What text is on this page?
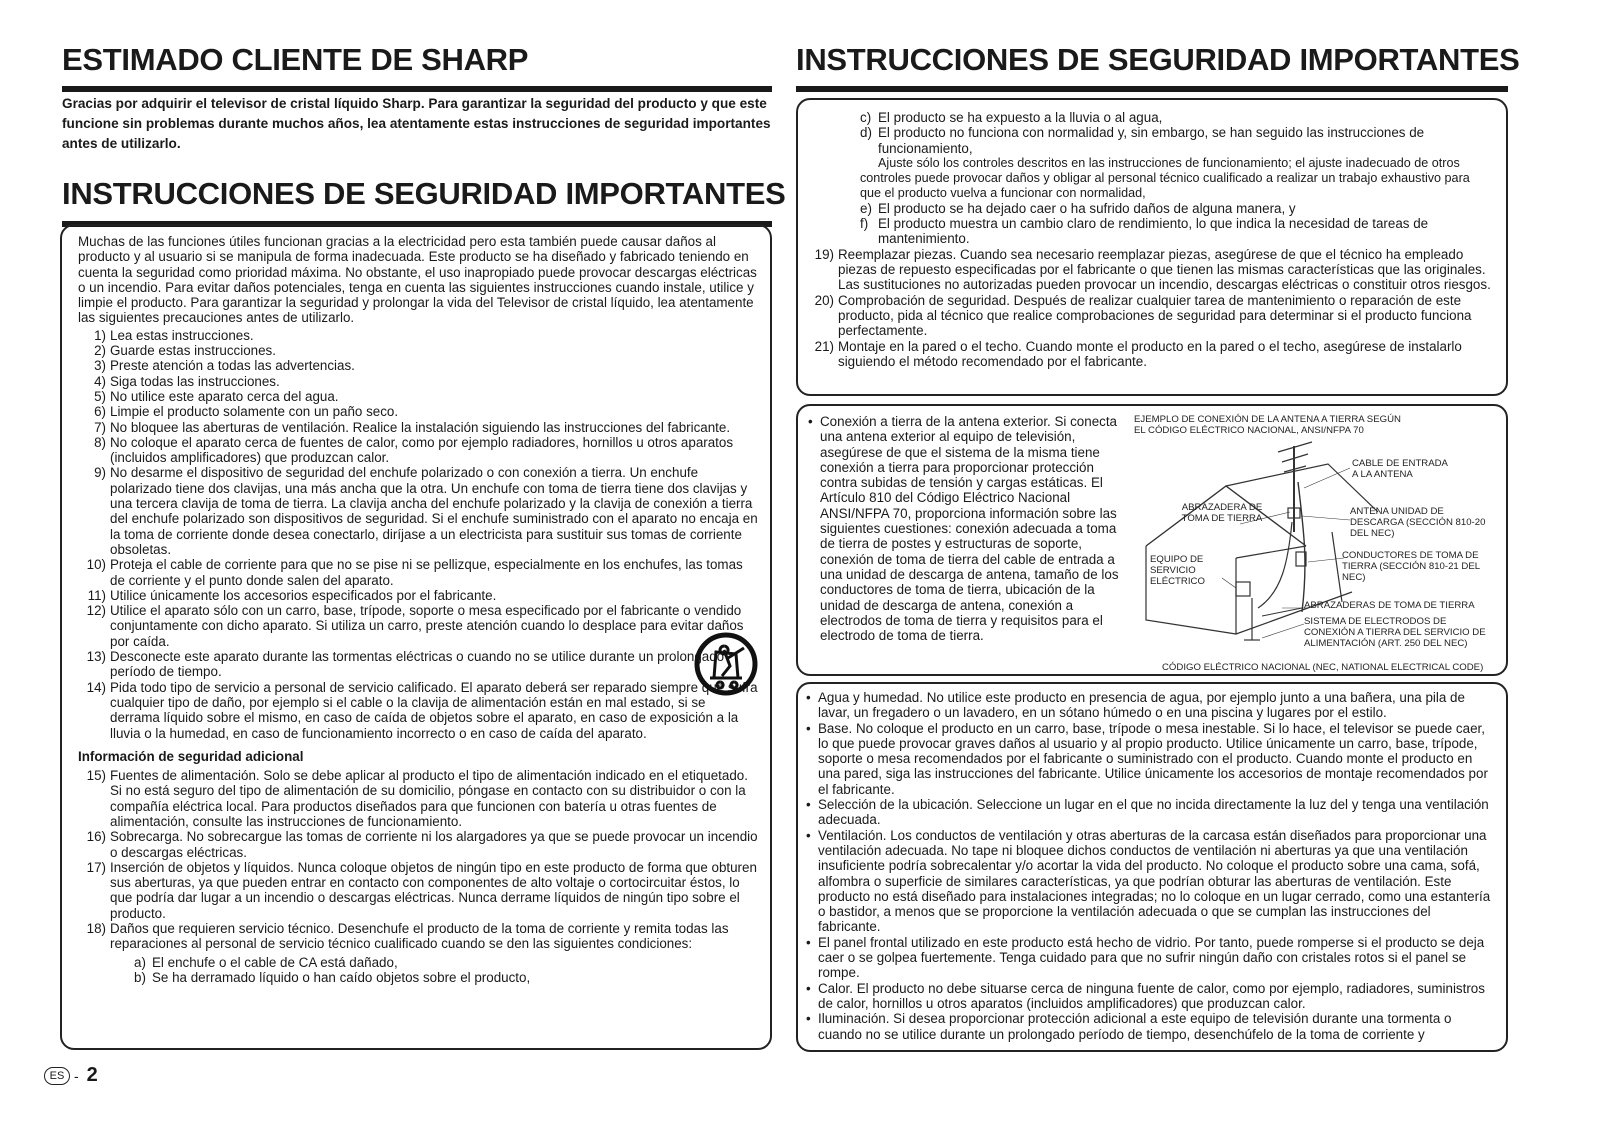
ESTIMADO CLIENTE DE SHARP

Gracias por adquirir el televisor de cristal líquido Sharp. Para garantizar la seguridad del producto y que este funcione sin problemas durante muchos años, lea atentamente estas instrucciones de seguridad importantes antes de utilizarlo.

INSTRUCCIONES DE SEGURIDAD IMPORTANTES

Muchas de las funciones útiles funcionan gracias a la electricidad pero esta también puede causar daños al producto y al usuario si se manipula de forma inadecuada. Este producto se ha diseñado y fabricado teniendo en cuenta la seguridad como prioridad máxima. No obstante, el uso inapropiado puede provocar descargas eléctricas o un incendio. Para evitar daños potenciales, tenga en cuenta las siguientes instrucciones cuando instale, utilice y limpie el producto. Para garantizar la seguridad y prolongar la vida del Televisor de cristal líquido, lea atentamente las siguientes precauciones antes de utilizarlo.

1) Lea estas instrucciones.
2) Guarde estas instrucciones.
3) Preste atención a todas las advertencias.
4) Siga todas las instrucciones.
5) No utilice este aparato cerca del agua.
6) Limpie el producto solamente con un paño seco.
7) No bloquee las aberturas de ventilación. Realice la instalación siguiendo las instrucciones del fabricante.
8) No coloque el aparato cerca de fuentes de calor, como por ejemplo radiadores, hornillos u otros aparatos (incluidos amplificadores) que produzcan calor.
9) No desarme el dispositivo de seguridad del enchufe polarizado o con conexión a tierra. Un enchufe polarizado tiene dos clavijas, una más ancha que la otra. Un enchufe con toma de tierra tiene dos clavijas y una tercera clavija de toma de tierra. La clavija ancha del enchufe polarizado y la clavija de conexión a tierra del enchufe polarizado son dispositivos de seguridad. Si el enchufe suministrado con el aparato no encaja en la toma de corriente donde desea conectarlo, diríjase a un electricista para sustituir sus tomas de corriente obsoletas.
10) Proteja el cable de corriente para que no se pise ni se pellizque, especialmente en los enchufes, las tomas de corriente y el punto donde salen del aparato.
11) Utilice únicamente los accesorios especificados por el fabricante.
12) Utilice el aparato sólo con un carro, base, trípode, soporte o mesa especificado por el fabricante o vendido conjuntamente con dicho aparato. Si utiliza un carro, preste atención cuando lo desplace para evitar daños por caída.
13) Desconecte este aparato durante las tormentas eléctricas o cuando no se utilice durante un prolongado período de tiempo.
14) Pida todo tipo de servicio a personal de servicio calificado. El aparato deberá ser reparado siempre que sufra cualquier tipo de daño, por ejemplo si el cable o la clavija de alimentación están en mal estado, si se derrama líquido sobre el mismo, en caso de caída de objetos sobre el aparato, en caso de exposición a la lluvia o la humedad, en caso de funcionamiento incorrecto o en caso de caída del aparato.

Información de seguridad adicional

15) Fuentes de alimentación. Solo se debe aplicar al producto el tipo de alimentación indicado en el etiquetado. Si no está seguro del tipo de alimentación de su domicilio, póngase en contacto con su distribuidor o con la compañía eléctrica local. Para productos diseñados para que funcionen con batería u otras fuentes de alimentación, consulte las instrucciones de funcionamiento.
16) Sobrecarga. No sobrecargue las tomas de corriente ni los alargadores ya que se puede provocar un incendio o descargas eléctricas.
17) Inserción de objetos y líquidos. Nunca coloque objetos de ningún tipo en este producto de forma que obturen sus aberturas, ya que pueden entrar en contacto con componentes de alto voltaje o cortocircuitar éstos, lo que podría dar lugar a un incendio o descargas eléctricas. Nunca derrame líquidos de ningún tipo sobre el producto.
18) Daños que requieren servicio técnico. Desenchufe el producto de la toma de corriente y remita todas las reparaciones al personal de servicio técnico cualificado cuando se den las siguientes condiciones:
a) El enchufe o el cable de CA está dañado,
b) Se ha derramado líquido o han caído objetos sobre el producto,
INSTRUCCIONES DE SEGURIDAD IMPORTANTES
c) El producto se ha expuesto a la lluvia o al agua,
d) El producto no funciona con normalidad y, sin embargo, se han seguido las instrucciones de funcionamiento,

Ajuste sólo los controles descritos en las instrucciones de funcionamiento; el ajuste inadecuado de otros controles puede provocar daños y obligar al personal técnico cualificado a realizar un trabajo exhaustivo para que el producto vuelva a funcionar con normalidad,

e) El producto se ha dejado caer o ha sufrido daños de alguna manera, y
f) El producto muestra un cambio claro de rendimiento, lo que indica la necesidad de tareas de mantenimiento.
19) Reemplazar piezas. Cuando sea necesario reemplazar piezas, asegúrese de que el técnico ha empleado piezas de repuesto especificadas por el fabricante o que tienen las mismas características que las originales. Las sustituciones no autorizadas pueden provocar un incendio, descargas eléctricas o constituir otros riesgos.
20) Comprobación de seguridad. Después de realizar cualquier tarea de mantenimiento o reparación de este producto, pida al técnico que realice comprobaciones de seguridad para determinar si el producto funciona perfectamente.
21) Montaje en la pared o el techo. Cuando monte el producto en la pared o el techo, asegúrese de instalarlo siguiendo el método recomendado por el fabricante.
• Conexión a tierra de la antena exterior. Si conecta una antena exterior al equipo de televisión, asegúrese de que el sistema de la misma tiene conexión a tierra para proporcionar protección contra subidas de tensión y cargas estáticas. El Artículo 810 del Código Eléctrico Nacional ANSI/NFPA 70, proporciona información sobre las siguientes cuestiones: conexión adecuada a toma de tierra de postes y estructuras de soporte, conexión de toma de tierra del cable de entrada a una unidad de descarga de antena, tamaño de los conductores de toma de tierra, ubicación de la unidad de descarga de antena, conexión a electrodos de toma de tierra y requisitos para el electrodo de toma de tierra.
EJEMPLO DE CONEXIÓN DE LA ANTENA A TIERRA SEGÚN EL CÓDIGO ELÉCTRICO NACIONAL, ANSI/NFPA 70
CABLE DE ENTRADA A LA ANTENA
ABRAZADERA DE TOMA DE TIERRA
ANTENA UNIDAD DE DESCARGA (SECCIÓN 810-20 DEL NEC)
EQUIPO DE SERVICIO ELÉCTRICO
CONDUCTORES DE TOMA DE TIERRA (SECCIÓN 810-21 DEL NEC)
ABRAZADERAS DE TOMA DE TIERRA
SISTEMA DE ELECTRODOS DE CONEXIÓN A TIERRA DEL SERVICIO DE ALIMENTACIÓN (ART. 250 DEL NEC)
CÓDIGO ELÉCTRICO NACIONAL (NEC, NATIONAL ELECTRICAL CODE)
• Agua y humedad. No utilice este producto en presencia de agua, por ejemplo junto a una bañera, una pila de lavar, un fregadero o un lavadero, en un sótano húmedo o en una piscina y lugares por el estilo.
• Base. No coloque el producto en un carro, base, trípode o mesa inestable. Si lo hace, el televisor se puede caer, lo que puede provocar graves daños al usuario y al propio producto. Utilice únicamente un carro, base, trípode, soporte o mesa recomendados por el fabricante o suministrado con el producto. Cuando monte el producto en una pared, siga las instrucciones del fabricante. Utilice únicamente los accesorios de montaje recomendados por el fabricante.
• Selección de la ubicación. Seleccione un lugar en el que no incida directamente la luz del y tenga una ventilación adecuada.
• Ventilación. Los conductos de ventilación y otras aberturas de la carcasa están diseñados para proporcionar una ventilación adecuada. No tape ni bloquee dichos conductos de ventilación ni aberturas ya que una ventilación insuficiente podría sobrecalentar y/o acortar la vida del producto. No coloque el producto sobre una cama, sofá, alfombra o superficie de similares características, ya que podrían obturar las aberturas de ventilación. Este producto no está diseñado para instalaciones integradas; no lo coloque en un lugar cerrado, como una estantería o bastidor, a menos que se proporcione la ventilación adecuada o que se cumplan las instrucciones del fabricante.
• El panel frontal utilizado en este producto está hecho de vidrio. Por tanto, puede romperse si el producto se deja caer o se golpea fuertemente. Tenga cuidado para que no sufrir ningún daño con cristales rotos si el panel se rompe.
• Calor. El producto no debe situarse cerca de ninguna fuente de calor, como por ejemplo, radiadores, suministros de calor, hornillos u otros aparatos (incluidos amplificadores) que produzcan calor.
• Iluminación. Si desea proporcionar protección adicional a este equipo de televisión durante una tormenta o cuando no se utilice durante un prolongado período de tiempo, desenchúfelo de la toma de corriente y
ES - 2
